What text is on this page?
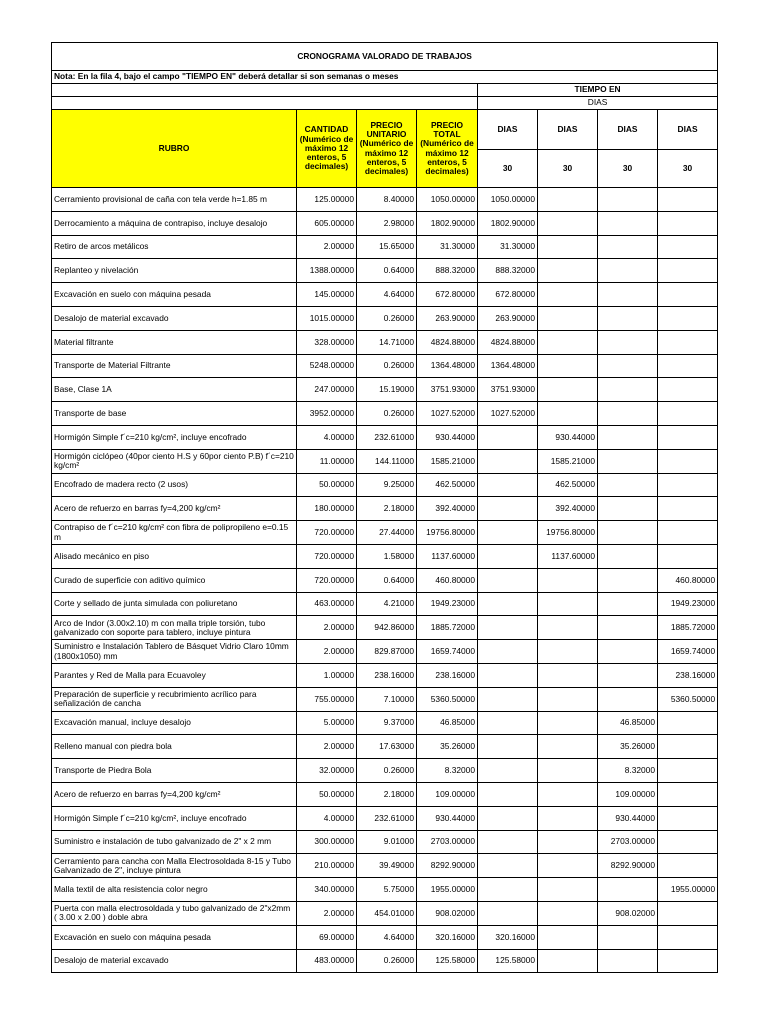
CRONOGRAMA VALORADO DE TRABAJOS							
Nota: En la fila 4, bajo el campo "TIEMPO EN" deberá detallar si son semanas o meses							
				TIEMPO EN			
				DIAS			
RUBRO	CANTIDAD (Numérico de máximo 12 enteros, 5 decimales)	PRECIO UNITARIO (Numérico de máximo 12 enteros, 5 decimales)	PRECIO TOTAL (Numérico de máximo 12 enteros, 5 decimales)	DIAS	DIAS	DIAS	DIAS
				30	30	30	30
Cerramiento provisional de caña con tela verde h=1.85 m	125.00000	8.40000	1050.00000	1050.00000			
Derrocamiento a máquina de contrapiso, incluye desalojo	605.00000	2.98000	1802.90000	1802.90000			
Retiro de arcos metálicos	2.00000	15.65000	31.30000	31.30000			
Replanteo y nivelación	1388.00000	0.64000	888.32000	888.32000			
Excavación en suelo con máquina pesada	145.00000	4.64000	672.80000	672.80000			
Desalojo de material excavado	1015.00000	0.26000	263.90000	263.90000			
Material filtrante	328.00000	14.71000	4824.88000	4824.88000			
Transporte de Material Filtrante	5248.00000	0.26000	1364.48000	1364.48000			
Base, Clase 1A	247.00000	15.19000	3751.93000	3751.93000			
Transporte de base	3952.00000	0.26000	1027.52000	1027.52000			
Hormigón Simple f´c=210 kg/cm², incluye encofrado	4.00000	232.61000	930.44000		930.44000		
Hormigón ciclópeo (40por ciento H.S y 60por ciento P.B) f´c=210 kg/cm²	11.00000	144.11000	1585.21000		1585.21000		
Encofrado de madera recto (2 usos)	50.00000	9.25000	462.50000		462.50000		
Acero de refuerzo en barras fy=4,200 kg/cm²	180.00000	2.18000	392.40000		392.40000		
Contrapiso de f´c=210 kg/cm² con fibra de polipropileno e=0.15 m	720.00000	27.44000	19756.80000		19756.80000		
Alisado mecánico en piso	720.00000	1.58000	1137.60000		1137.60000		
Curado de superficie con aditivo químico	720.00000	0.64000	460.80000				460.80000
Corte y sellado de junta simulada con poliuretano	463.00000	4.21000	1949.23000				1949.23000
Arco de Indor (3.00x2.10) m con malla triple torsión, tubo galvanizado con soporte para tablero, incluye pintura	2.00000	942.86000	1885.72000				1885.72000
Suministro e Instalación Tablero de Básquet Vidrio Claro 10mm (1800x1050) mm	2.00000	829.87000	1659.74000				1659.74000
Parantes y Red de Malla para Ecuavoley	1.00000	238.16000	238.16000				238.16000
Preparación de superficie y recubrimiento acrílico para señalización de cancha	755.00000	7.10000	5360.50000				5360.50000
Excavación manual, incluye desalojo	5.00000	9.37000	46.85000			46.85000	
Relleno manual con piedra bola	2.00000	17.63000	35.26000			35.26000	
Transporte de Piedra Bola	32.00000	0.26000	8.32000			8.32000	
Acero de refuerzo en barras fy=4,200 kg/cm²	50.00000	2.18000	109.00000			109.00000	
Hormigón Simple f´c=210 kg/cm², incluye encofrado	4.00000	232.61000	930.44000			930.44000	
Suministro e instalación de tubo galvanizado de 2" x 2 mm	300.00000	9.01000	2703.00000			2703.00000	
Cerramiento para cancha con Malla Electrosoldada 8-15 y Tubo Galvanizado de 2", incluye pintura	210.00000	39.49000	8292.90000			8292.90000	
Malla textil de alta resistencia color negro	340.00000	5.75000	1955.00000				1955.00000
Puerta con malla electrosoldada y tubo galvanizado de 2"x2mm ( 3.00 x 2.00 ) doble abra	2.00000	454.01000	908.02000			908.02000	
Excavación en suelo con máquina pesada	69.00000	4.64000	320.16000	320.16000			
Desalojo de material excavado	483.00000	0.26000	125.58000	125.58000			
